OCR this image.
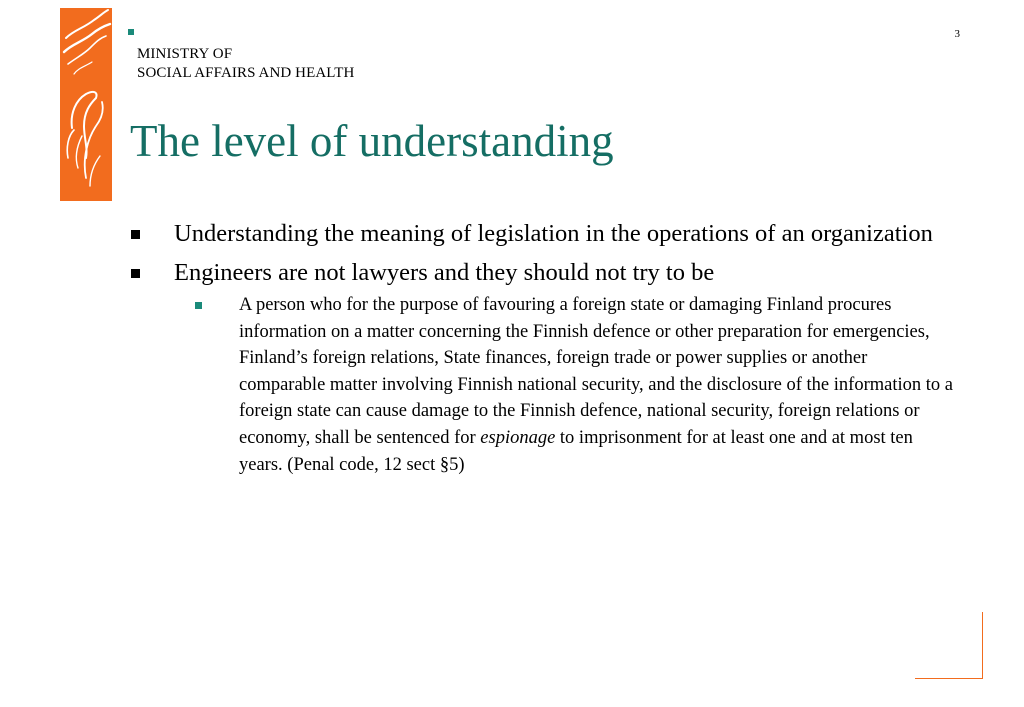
MINISTRY OF
SOCIAL AFFAIRS AND HEALTH
3
The level of understanding
Understanding the meaning of legislation in the operations of an organization
Engineers are not lawyers and they should not try to be
A person who for the purpose of favouring a foreign state or damaging Finland procures information on a matter concerning the Finnish defence or other preparation for emergencies, Finland’s foreign relations, State finances, foreign trade or power supplies or another comparable matter involving Finnish national security, and the disclosure of the information to a foreign state can cause damage to the Finnish defence, national security, foreign relations or economy, shall be sentenced for espionage to imprisonment for at least one and at most ten years. (Penal code, 12 sect §5)
